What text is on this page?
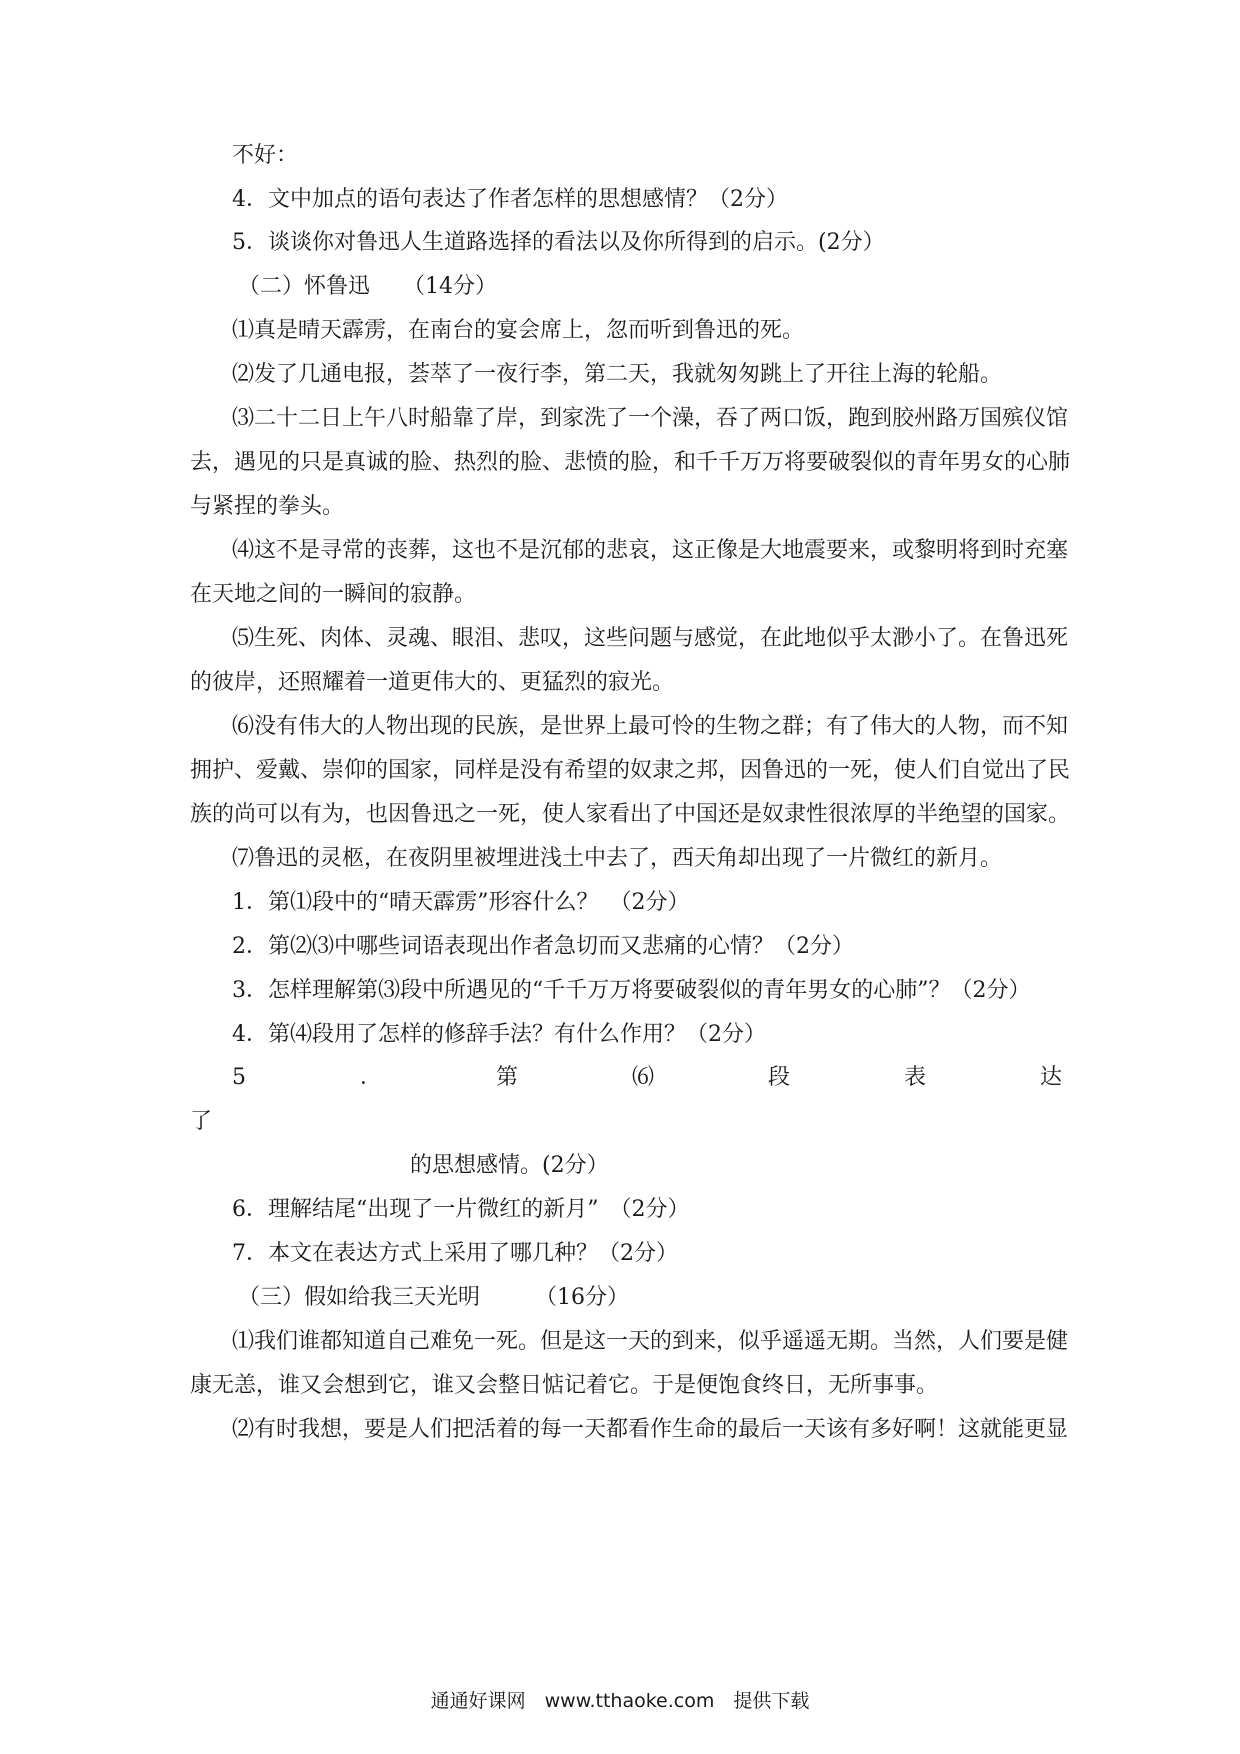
不好：

4．文中加点的语句表达了作者怎样的思想感情？（2分）

5．谈谈你对鲁迅人生道路选择的看法以及你所得到的启示。(2分）

（二）怀鲁迅　　（14分）

⑴真是晴天霹雳，在南台的宴会席上，忽而听到鲁迅的死。

⑵发了几通电报，荟萃了一夜行李，第二天，我就匆匆跳上了开往上海的轮船。

⑶二十二日上午八时船靠了岸，到家洗了一个澡，吞了两口饭，跑到胶州路万国殡仪馆

去，遇见的只是真诚的脸、热烈的脸、悲愤的脸，和千千万万将要破裂似的青年男女的心肺

与紧捏的拳头。

⑷这不是寻常的丧葬，这也不是沉郁的悲哀，这正像是大地震要来，或黎明将到时充塞

在天地之间的一瞬间的寂静。

⑸生死、肉体、灵魂、眼泪、悲叹，这些问题与感觉，在此地似乎太渺小了。在鲁迅死

的彼岸，还照耀着一道更伟大的、更猛烈的寂光。

⑹没有伟大的人物出现的民族，是世界上最可怜的生物之群；有了伟大的人物，而不知

拥护、爱戴、崇仰的国家，同样是没有希望的奴隶之邦，因鲁迅的一死，使人们自觉出了民

族的尚可以有为，也因鲁迅之一死，使人家看出了中国还是奴隶性很浓厚的半绝望的国家。

⑺鲁迅的灵柩，在夜阴里被埋进浅土中去了，西天角却出现了一片微红的新月。

1．第⑴段中的“晴天霹雳”形容什么？　（2分）

2．第⑵⑶中哪些词语表现出作者急切而又悲痛的心情？（2分）

3．怎样理解第⑶段中所遇见的“千千万万将要破裂似的青年男女的心肺”？（2分）

4．第⑷段用了怎样的修辞手法？有什么作用？（2分）

5	．	第	⑹	段	表	达

了

的思想感情。(2分）

6．理解结尾“出现了一片微红的新月”　（2分）

7．本文在表达方式上采用了哪几种？（2分）

（三）假如给我三天光明　　　（16分）

⑴我们谁都知道自己难免一死。但是这一天的到来，似乎遥遥无期。当然，人们要是健

康无恙，谁又会想到它，谁又会整日惦记着它。于是便饱食终日，无所事事。

⑵有时我想，要是人们把活着的每一天都看作生命的最后一天该有多好啊！这就能更显

通通好课网　www.tthaoke.com　提供下载
